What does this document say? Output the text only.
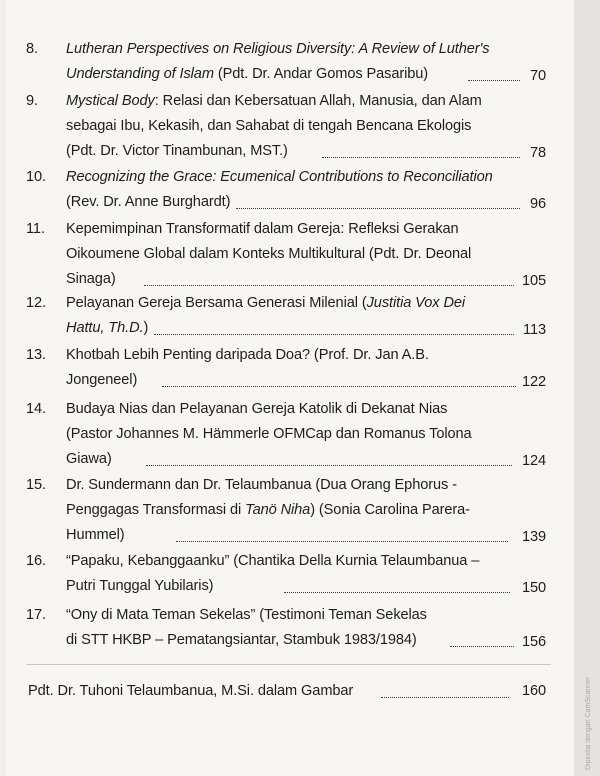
8.	Lutheran Perspectives on Religious Diversity: A Review of Luther's
Understanding of Islam (Pdt. Dr. Andar Gomos Pasaribu)	70
9.	Mystical Body: Relasi dan Kebersatuan Allah, Manusia, dan Alam
sebagai Ibu, Kekasih, dan Sahabat di tengah Bencana Ekologis
(Pdt. Dr. Victor Tinambunan, MST.)	78
10.	Recognizing the Grace: Ecumenical Contributions to Reconciliation
(Rev. Dr. Anne Burghardt)	96
11.	Kepemimpinan Transformatif dalam Gereja: Refleksi Gerakan
Oikoumene Global dalam Konteks Multikultural (Pdt. Dr. Deonal
Sinaga)	105
12.	Pelayanan Gereja Bersama Generasi Milenial (Justitia Vox Dei
Hattu, Th.D.)	113
13.	Khotbah Lebih Penting daripada Doa? (Prof. Dr. Jan A.B.
Jongeneel)	122
14.	Budaya Nias dan Pelayanan Gereja Katolik di Dekanat Nias
(Pastor Johannes M. Hämmerle OFMCap dan Romanus Tolona
Giawa)	124
15.	Dr. Sundermann dan Dr. Telaumbanua (Dua Orang Ephorus -
Penggagas Transformasi di Tanö Niha) (Sonia Carolina Parera-
Hummel)	139
16.	“Papaku, Kebanggaanku” (Chantika Della Kurnia Telaumbanua –
Putri Tunggal Yubilaris)	150
17.	“Ony di Mata Teman Sekelas” (Testimoni Teman Sekelas
di STT HKBP – Pematangsiantar, Stambuk 1983/1984)	156
Pdt. Dr. Tuhoni Telaumbanua, M.Si. dalam Gambar	160	Dipindai dengan CamScanner
